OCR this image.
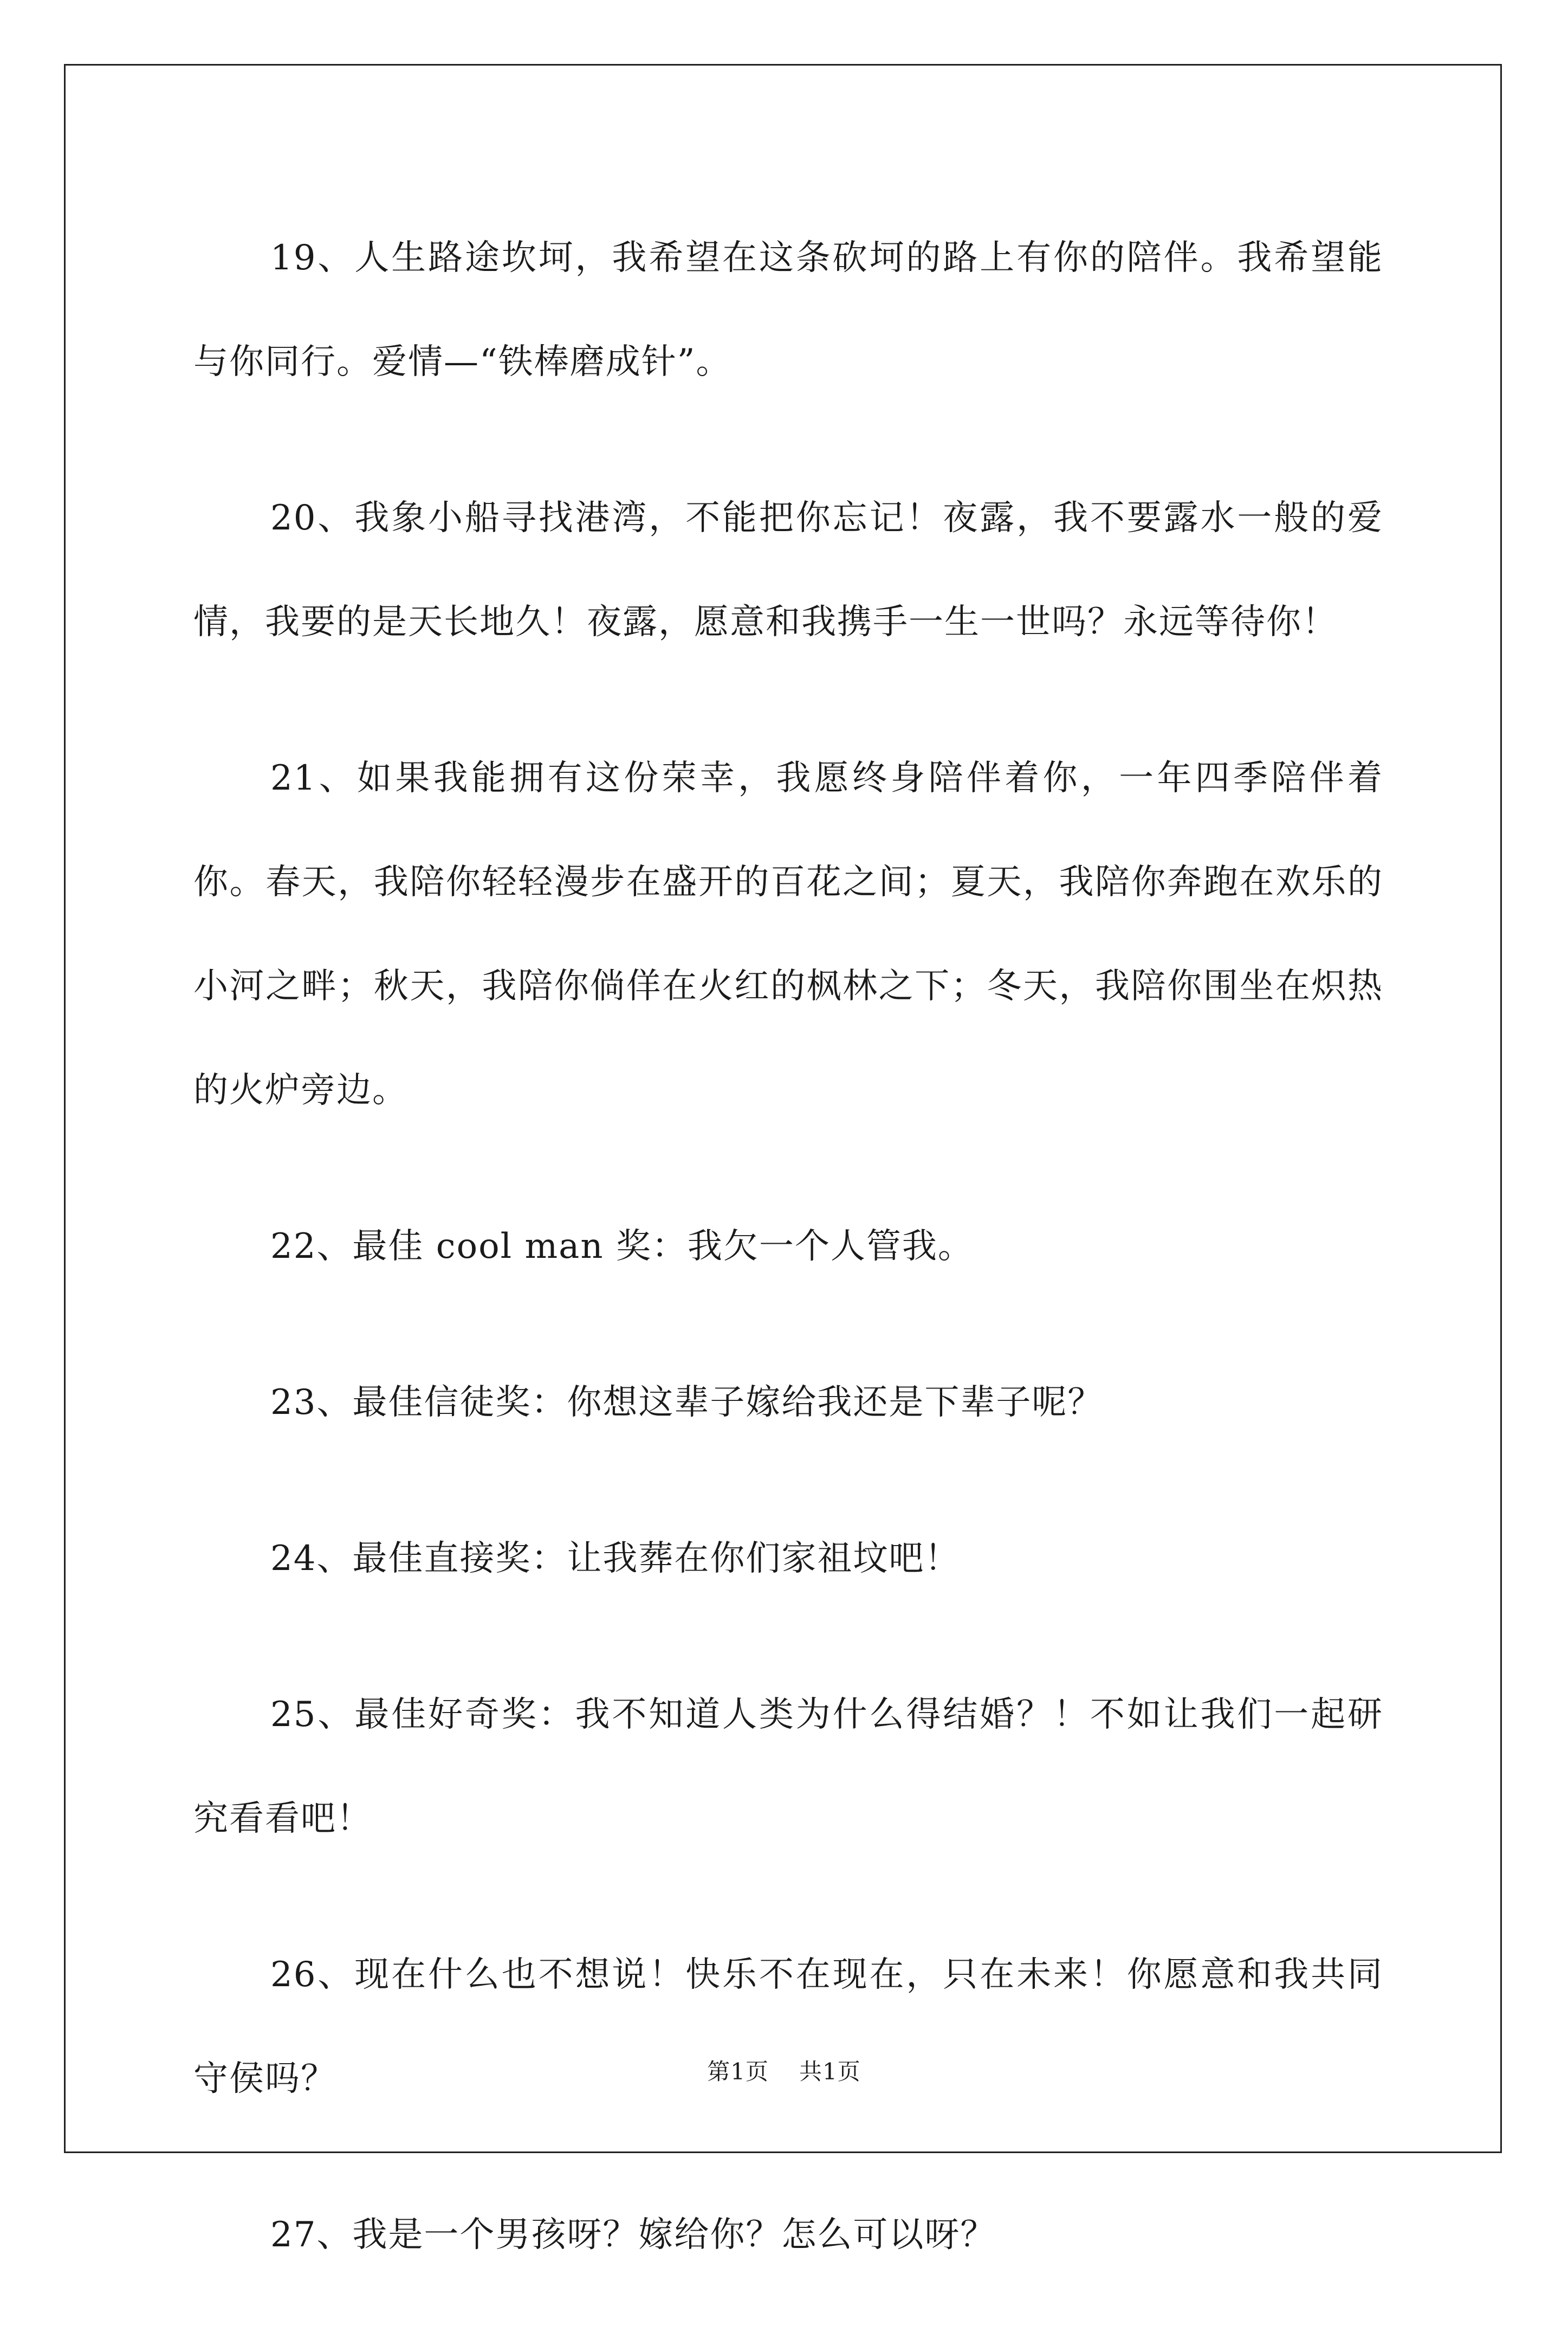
19、人生路途坎坷，我希望在这条砍坷的路上有你的陪伴。我希望能与你同行。爱情—“铁棒磨成针”。

20、我象小船寻找港湾，不能把你忘记！夜露，我不要露水一般的爱情，我要的是天长地久！夜露，愿意和我携手一生一世吗？永远等待你！

21、如果我能拥有这份荣幸，我愿终身陪伴着你，一年四季陪伴着你。春天，我陪你轻轻漫步在盛开的百花之间；夏天，我陪你奔跑在欢乐的小河之畔；秋天，我陪你倘佯在火红的枫林之下；冬天，我陪你围坐在炽热的火炉旁边。

22、最佳 cool man 奖：我欠一个人管我。

23、最佳信徒奖：你想这辈子嫁给我还是下辈子呢？

24、最佳直接奖：让我葬在你们家祖坟吧！

25、最佳好奇奖：我不知道人类为什么得结婚？！不如让我们一起研究看看吧！

26、现在什么也不想说！快乐不在现在，只在未来！你愿意和我共同守侯吗？

27、我是一个男孩呀？嫁给你？怎么可以呀？

第1页 共1页
